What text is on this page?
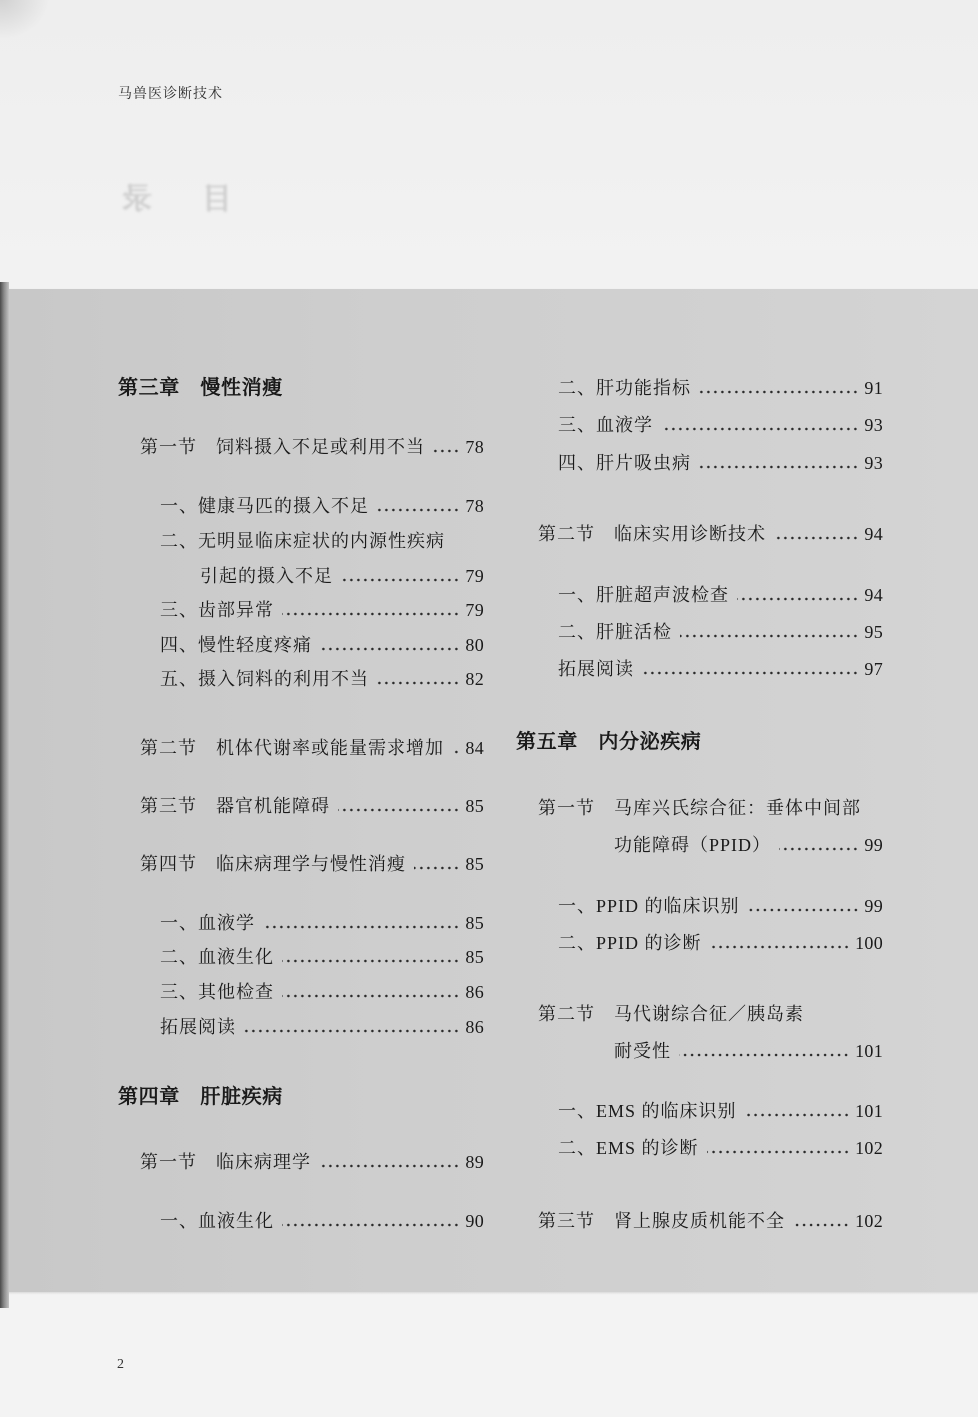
马兽医诊断技术
目　录
第三章　慢性消瘦
第一节　饲料摄入不足或利用不当 78
一、健康马匹的摄入不足	78
二、无明显临床症状的内源性疾病
引起的摄入不足	79
三、齿部异常	79
四、慢性轻度疼痛	80
五、摄入饲料的利用不当	82
第二节　机体代谢率或能量需求增加 84
第三节　器官机能障碍	85
第四节　临床病理学与慢性消瘦	85
一、血液学	85
二、血液生化	85
三、其他检查	86
拓展阅读	86
第四章　肝脏疾病
第一节　临床病理学	89
一、血液生化	90
二、肝功能指标	91
三、血液学	93
四、肝片吸虫病	93
第二节　临床实用诊断技术	94
一、肝脏超声波检查	94
二、肝脏活检	95
拓展阅读	97
第五章　内分泌疾病
第一节　马库兴氏综合征：垂体中间部
功能障碍（PPID）	99
一、PPID 的临床识别	99
二、PPID 的诊断	100
第二节　马代谢综合征／胰岛素
耐受性	101
一、EMS 的临床识别	101
二、EMS 的诊断	102
第三节　肾上腺皮质机能不全	102
2
